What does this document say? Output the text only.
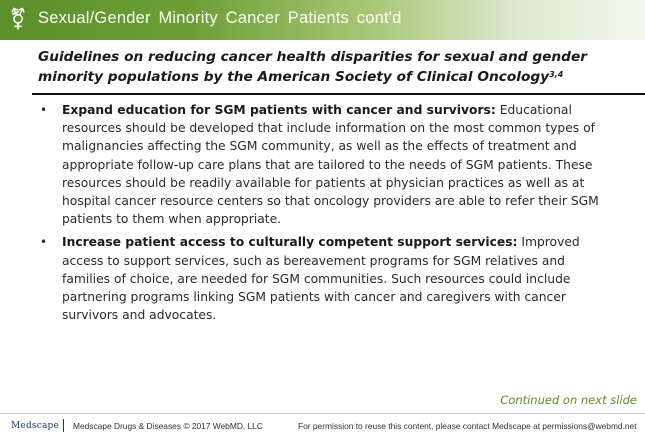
⚧ Sexual/Gender Minority Cancer Patients cont'd
Guidelines on reducing cancer health disparities for sexual and gender minority populations by the American Society of Clinical Oncology$^{3,4}$
• Expand education for SGM patients with cancer and survivors: Educational resources should be developed that include information on the most common types of malignancies affecting the SGM community, as well as the effects of treatment and appropriate follow-up care plans that are tailored to the needs of SGM patients. These resources should be readily available for patients at physician practices as well as at hospital cancer resource centers so that oncology providers are able to refer their SGM patients to them when appropriate.
• Increase patient access to culturally competent support services: Improved access to support services, such as bereavement programs for SGM relatives and families of choice, are needed for SGM communities. Such resources could include partnering programs linking SGM patients with cancer and caregivers with cancer survivors and advocates.
Continued on next slide
Medscape Medscape Drugs & Diseases © 2017 WebMD, LLC	For permission to reuse this content, please contact Medscape at permissions@webmd.net
